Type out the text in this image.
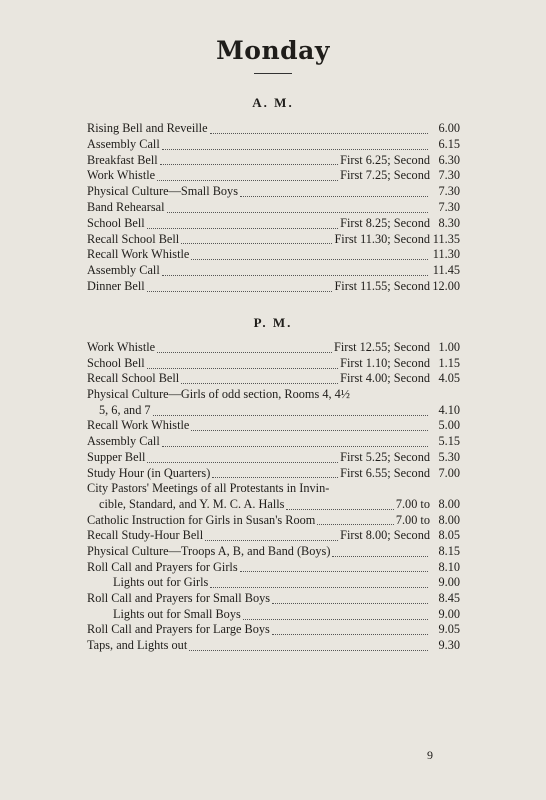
Monday
A. M.
Rising Bell and Reveille	6.00
Assembly Call	6.15
Breakfast Bell	First 6.25; Second 6.30
Work Whistle	First 7.25; Second 7.30
Physical Culture—Small Boys	7.30
Band Rehearsal	7.30
School Bell	First 8.25; Second 8.30
Recall School Bell	First 11.30; Second 11.35
Recall Work Whistle	11.30
Assembly Call	11.45
Dinner Bell	First 11.55; Second 12.00
P. M.
Work Whistle	First 12.55; Second 1.00
School Bell	First 1.10; Second 1.15
Recall School Bell	First 4.00; Second 4.05
Physical Culture—Girls of odd section, Rooms 4, 4½
5, 6, and 7	4.10
Recall Work Whistle	5.00
Assembly Call	5.15
Supper Bell	First 5.25; Second 5.30
Study Hour (in Quarters)	First 6.55; Second 7.00
City Pastors' Meetings of all Protestants in Invin-
cible, Standard, and Y. M. C. A. Halls	7.00 to 8.00
Catholic Instruction for Girls in Susan's Room	7.00 to 8.00
Recall Study-Hour Bell	First 8.00; Second 8.05
Physical Culture—Troops A, B, and Band (Boys)	8.15
Roll Call and Prayers for Girls	8.10
Lights out for Girls	9.00
Roll Call and Prayers for Small Boys	8.45
Lights out for Small Boys	9.00
Roll Call and Prayers for Large Boys	9.05
Taps, and Lights out	9.30
9
